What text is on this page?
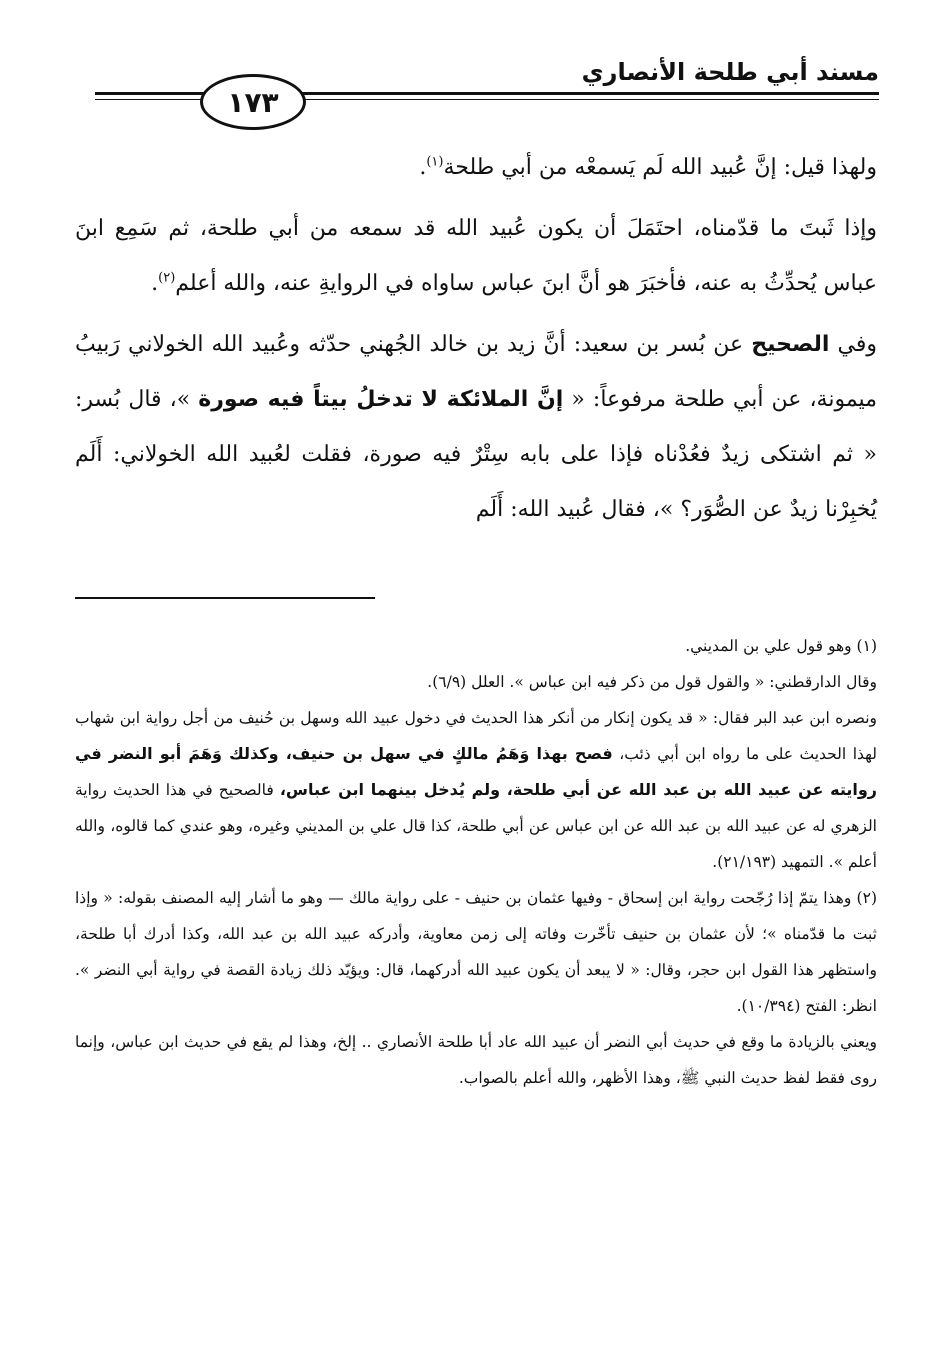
مسند أبي طلحة الأنصاري
١٧٣

ولهذا قيل: إنَّ عُبيد الله لَم يَسمعْه من أبي طلحة$^{(١)}$.

وإذا ثَبتَ ما قدّمناه، احتَمَلَ أن يكون عُبيد الله قد سمعه من أبي طلحة، ثم سَمِع ابنَ عباس يُحدِّثُ به عنه، فأخبَرَ هو أنَّ ابنَ عباس ساواه في الروايةِ عنه، والله أعلم$^{(٢)}$.

وفي الصحيح عن بُسر بن سعيد: أنَّ زيد بن خالد الجُهني حدّثه وعُبيد الله الخولاني رَبيبُ ميمونة، عن أبي طلحة مرفوعاً: « إنَّ الملائكة لا تدخلُ بيتاً فيه صورة »، قال بُسر: « ثم اشتكى زيدٌ فعُدْناه فإذا على بابه سِتْرٌ فيه صورة، فقلت لعُبيد الله الخولاني: أَلَم يُخبِرْنا زيدٌ عن الصُّوَر؟ »، فقال عُبيد الله: أَلَم

(١) وهو قول علي بن المديني.

وقال الدارقطني: « والقول قول من ذكر فيه ابن عباس ». العلل (٦/٩).

ونصره ابن عبد البر فقال: « قد يكون إنكار من أنكر هذا الحديث في دخول عبيد الله وسهل بن حُنيف من أجل رواية ابن شهاب لهذا الحديث على ما رواه ابن أبي ذئب، فصح بهذا وَهَمُ مالكٍ في سهل بن حنيف، وكذلك وَهَمَ أبو النضر في روايته عن عبيد الله بن عبد الله عن أبي طلحة، ولم يُدخل بينهما ابن عباس، فالصحيح في هذا الحديث رواية الزهري له عن عبيد الله بن عبد الله عن ابن عباس عن أبي طلحة، كذا قال علي بن المديني وغيره، وهو عندي كما قالوه، والله أعلم ». التمهيد (٢١/١٩٣).

(٢) وهذا يتمّ إذا رُجّحت رواية ابن إسحاق - وفيها عثمان بن حنيف - على رواية مالك — وهو ما أشار إليه المصنف بقوله: « وإذا ثبت ما قدّمناه »؛ لأن عثمان بن حنيف تأخّرت وفاته إلى زمن معاوية، وأدركه عبيد الله بن عبد الله، وكذا أدرك أبا طلحة، واستظهر هذا القول ابن حجر، وقال: « لا يبعد أن يكون عبيد الله أدركهما، قال: ويؤيّد ذلك زيادة القصة في رواية أبي النضر ». انظر: الفتح (١٠/٣٩٤).

ويعني بالزيادة ما وقع في حديث أبي النضر أن عبيد الله عاد أبا طلحة الأنصاري .. إلخ، وهذا لم يقع في حديث ابن عباس، وإنما روى فقط لفظ حديث النبي ﷺ، وهذا الأظهر، والله أعلم بالصواب.
